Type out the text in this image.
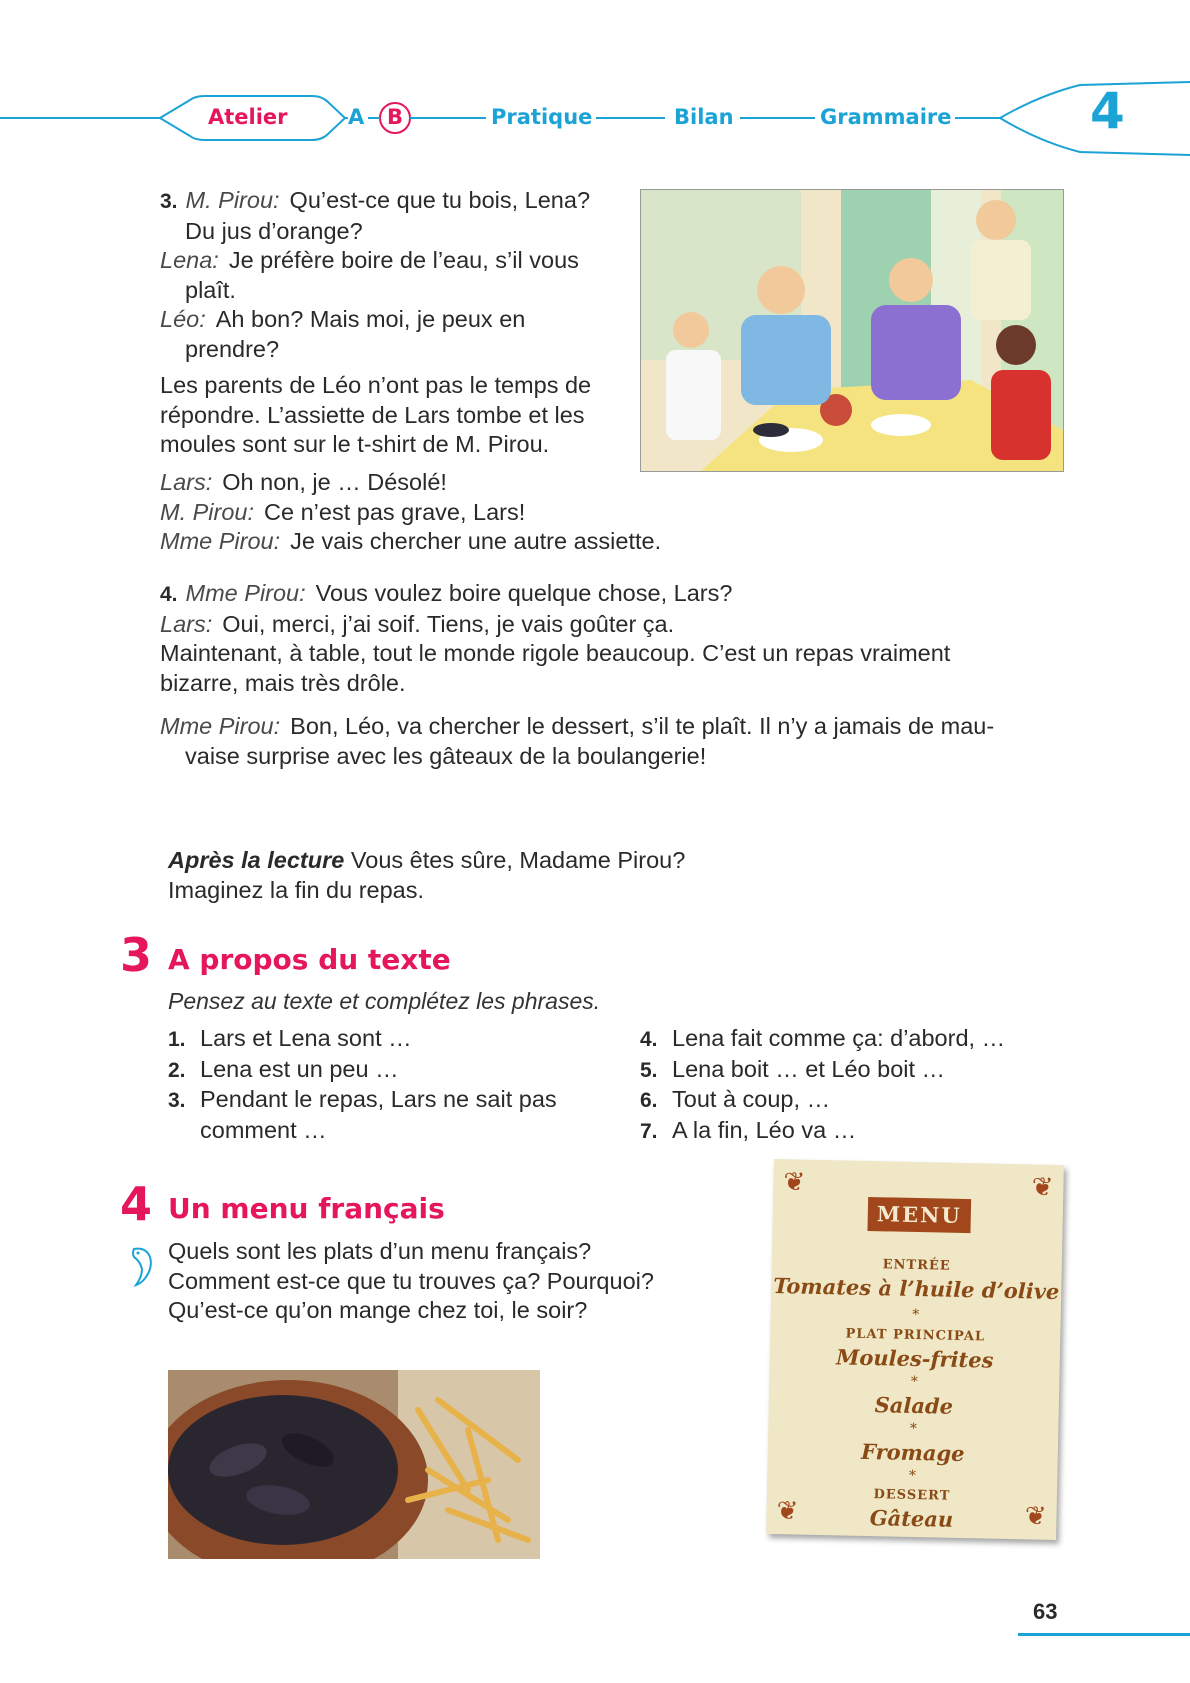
Atelier	A B	Pratique	Bilan	Grammaire	4
3. M. Pirou: Qu’est-ce que tu bois, Lena?
Du jus d’orange?
Lena: Je préfère boire de l’eau, s’il vous
plaît.
Léo: Ah bon? Mais moi, je peux en
prendre?
Les parents de Léo n’ont pas le temps de
répondre. L’assiette de Lars tombe et les
moules sont sur le t-shirt de M. Pirou.
Lars: Oh non, je … Désolé!
M. Pirou: Ce n’est pas grave, Lars!
Mme Pirou: Je vais chercher une autre assiette.
4. Mme Pirou: Vous voulez boire quelque chose, Lars?
Lars: Oui, merci, j’ai soif. Tiens, je vais goûter ça.
Maintenant, à table, tout le monde rigole beaucoup. C’est un repas vraiment
bizarre, mais très drôle.
Mme Pirou: Bon, Léo, va chercher le dessert, s’il te plaît. Il n’y a jamais de mau-
vaise surprise avec les gâteaux de la boulangerie!
Après la lecture Vous êtes sûre, Madame Pirou?
Imaginez la fin du repas.
3 A propos du texte
Pensez au texte et complétez les phrases.
1. Lars et Lena sont …
2. Lena est un peu …
3. Pendant le repas, Lars ne sait pas
comment …
4. Lena fait comme ça: d’abord, …
5. Lena boit … et Léo boit …
6. Tout à coup, …
7. A la fin, Léo va …
4 Un menu français
Quels sont les plats d’un menu français?
Comment est-ce que tu trouves ça? Pourquoi?
Qu’est-ce qu’on mange chez toi, le soir?
❦	❦
❦	❦
MENU
ENTRÉE
Tomates à l’huile d’olive
*
PLAT PRINCIPAL
Moules-frites
*
Salade
*
Fromage
*
DESSERT
Gâteau
63
